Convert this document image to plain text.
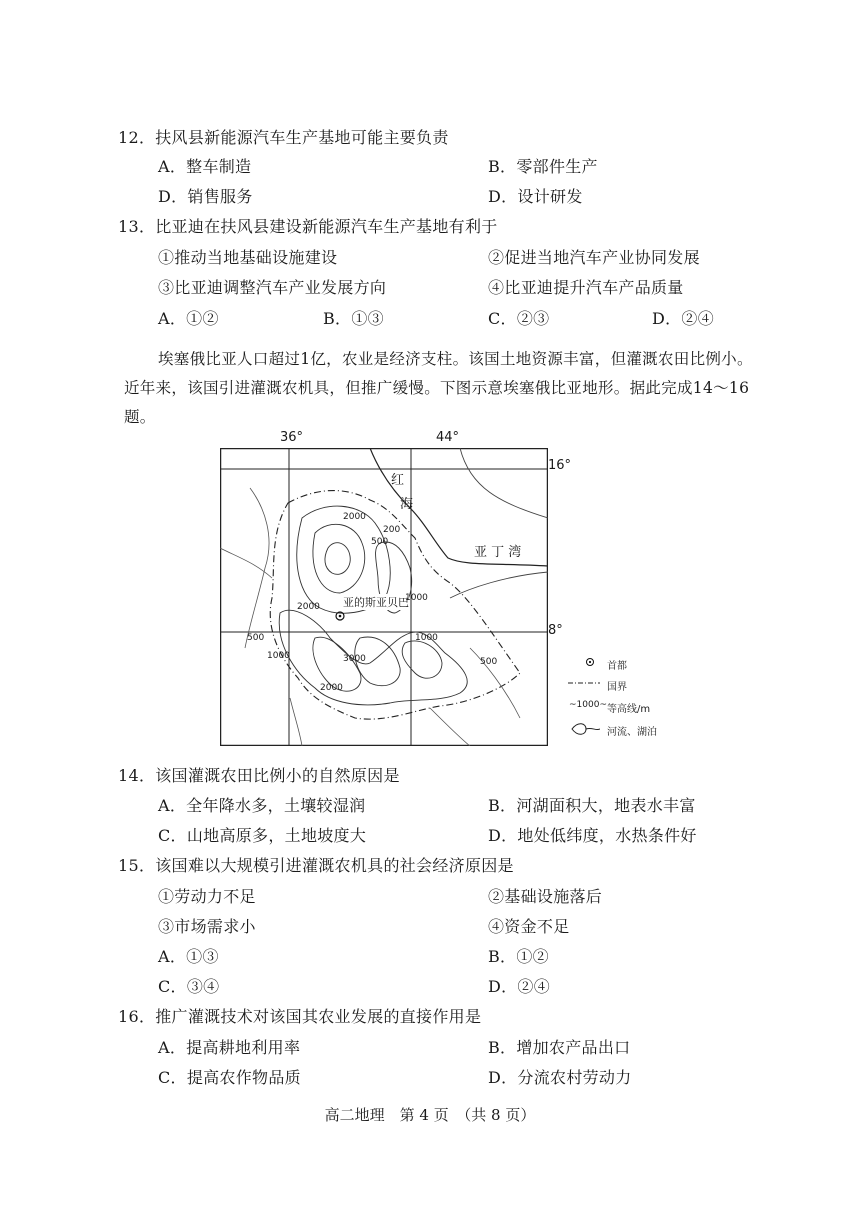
12．扶风县新能源汽车生产基地可能主要负责
A．整车制造	B．零部件生产
D．销售服务	D．设计研发
13．比亚迪在扶风县建设新能源汽车生产基地有利于
①推动当地基础设施建设	②促进当地汽车产业协同发展
③比亚迪调整汽车产业发展方向	④比亚迪提升汽车产品质量
A．①②	B．①③	C．②③	D．②④
埃塞俄比亚人口超过1亿，农业是经济支柱。该国土地资源丰富，但灌溉农田比例小。
近年来，该国引进灌溉农机具，但推广缓慢。下图示意埃塞俄比亚地形。据此完成14～16
题。
36°	44°
16°
8°
红
海
亚 丁 湾
亚的斯亚贝巴
2000
200
500
2000
1000
500
1000
1000
3000	500
2000
首都
国界
~1000~ 等高线/m
河流、湖泊
14．该国灌溉农田比例小的自然原因是
A．全年降水多，土壤较湿润	B．河湖面积大，地表水丰富
C．山地高原多，土地坡度大	D．地处低纬度，水热条件好
15．该国难以大规模引进灌溉农机具的社会经济原因是
①劳动力不足	②基础设施落后
③市场需求小	④资金不足
A．①③	B．①②
C．③④	D．②④
16．推广灌溉技术对该国其农业发展的直接作用是
A．提高耕地利用率	B．增加农产品出口
C．提高农作物品质	D．分流农村劳动力
高二地理　第 4 页　（共 8 页）
